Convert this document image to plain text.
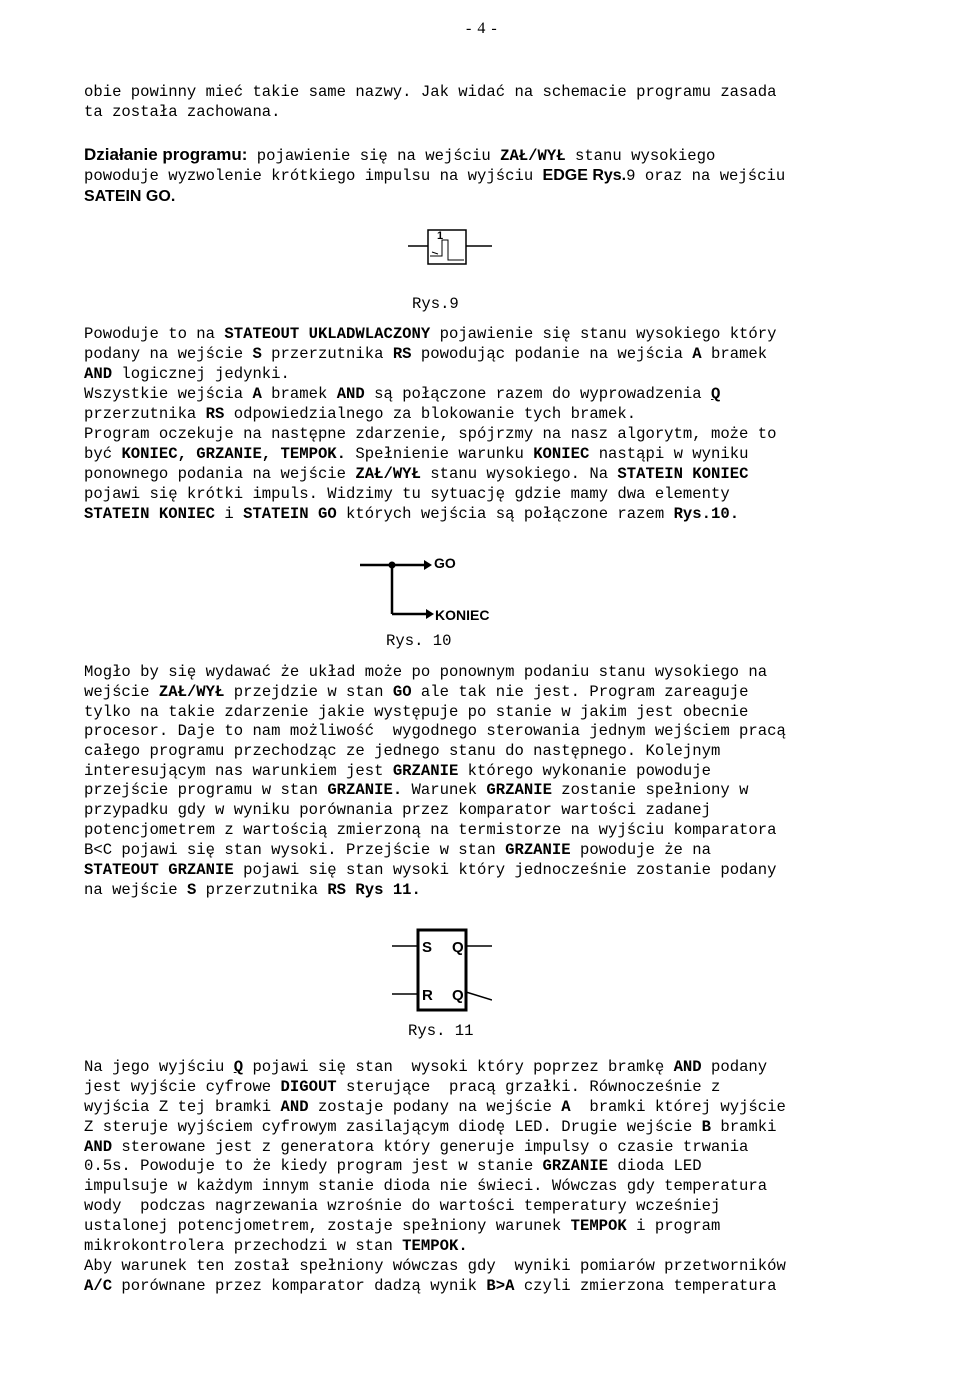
- 4 -
obie powinny mieć takie same nazwy. Jak widać na schemacie programu zasada
ta została zachowana.
Działanie programu: pojawienie się na wejściu ZAŁ/WYŁ stanu wysokiego
powoduje wyzwolenie krótkiego impulsu na wyjściu EDGE Rys.9 oraz na wejściu
SATEIN GO.
1
Rys.9
Powoduje to na STATEOUT UKLADWLACZONY pojawienie się stanu wysokiego który
podany na wejście S przerzutnika RS powodując podanie na wejścia A bramek
AND logicznej jedynki.
Wszystkie wejścia A bramek AND są połączone razem do wyprowadzenia Q
przerzutnika RS odpowiedzialnego za blokowanie tych bramek.
Program oczekuje na następne zdarzenie, spójrzmy na nasz algorytm, może to
być KONIEC, GRZANIE, TEMPOK. Spełnienie warunku KONIEC nastąpi w wyniku
ponownego podania na wejście ZAŁ/WYŁ stanu wysokiego. Na STATEIN KONIEC
pojawi się krótki impuls. Widzimy tu sytuację gdzie mamy dwa elementy
STATEIN KONIEC i STATEIN GO których wejścia są połączone razem Rys.10.
GO
KONIEC
Rys. 10
Mogło by się wydawać że układ może po ponownym podaniu stanu wysokiego na
wejście ZAŁ/WYŁ przejdzie w stan GO ale tak nie jest. Program zareaguje
tylko na takie zdarzenie jakie występuje po stanie w jakim jest obecnie
procesor. Daje to nam możliwość  wygodnego sterowania jednym wejściem pracą
całego programu przechodząc ze jednego stanu do następnego. Kolejnym
interesującym nas warunkiem jest GRZANIE którego wykonanie powoduje
przejście programu w stan GRZANIE. Warunek GRZANIE zostanie spełniony w
przypadku gdy w wyniku porównania przez komparator wartości zadanej
potencjometrem z wartością zmierzoną na termistorze na wyjściu komparatora
B<C pojawi się stan wysoki. Przejście w stan GRZANIE powoduje że na
STATEOUT GRZANIE pojawi się stan wysoki który jednocześnie zostanie podany
na wejście S przerzutnika RS Rys 11.
S Q
R Q
Rys. 11
Na jego wyjściu Q pojawi się stan  wysoki który poprzez bramkę AND podany
jest wyjście cyfrowe DIGOUT sterujące  pracą grzałki. Równocześnie z
wyjścia Z tej bramki AND zostaje podany na wejście A  bramki której wyjście
Z steruje wyjściem cyfrowym zasilającym diodę LED. Drugie wejście B bramki
AND sterowane jest z generatora który generuje impulsy o czasie trwania
0.5s. Powoduje to że kiedy program jest w stanie GRZANIE dioda LED
impulsuje w każdym innym stanie dioda nie świeci. Wówczas gdy temperatura
wody  podczas nagrzewania wzrośnie do wartości temperatury wcześniej
ustalonej potencjometrem, zostaje spełniony warunek TEMPOK i program
mikrokontrolera przechodzi w stan TEMPOK.
Aby warunek ten został spełniony wówczas gdy  wyniki pomiarów przetworników
A/C porównane przez komparator dadzą wynik B>A czyli zmierzona temperatura
